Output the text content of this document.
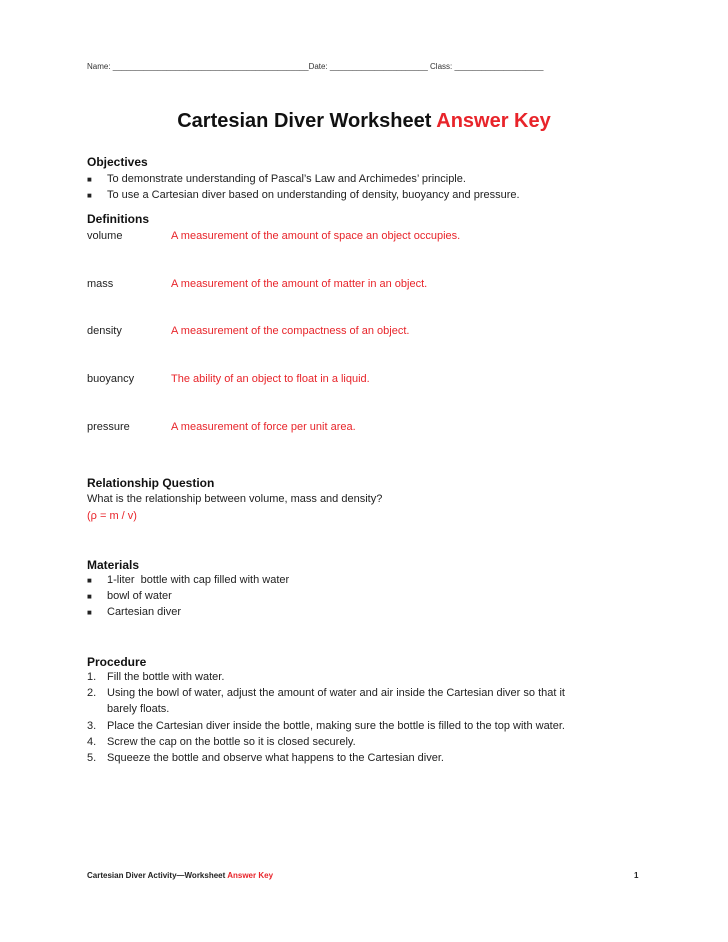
Name: ____________________________________________Date: ______________________ Class: ____________________
Cartesian Diver Worksheet Answer Key
Objectives
■ To demonstrate understanding of Pascal’s Law and Archimedes’ principle.
■ To use a Cartesian diver based on understanding of density, buoyancy and pressure.
Definitions
volume	A measurement of the amount of space an object occupies.
mass	A measurement of the amount of matter in an object.
density	A measurement of the compactness of an object.
buoyancy	The ability of an object to float in a liquid.
pressure	A measurement of force per unit area.
Relationship Question
What is the relationship between volume, mass and density?
(ρ = m / v)
Materials
■ 1-liter  bottle with cap filled with water
■ bowl of water
■ Cartesian diver
Procedure
1. Fill the bottle with water.
2. Using the bowl of water, adjust the amount of water and air inside the Cartesian diver so that it
barely floats.
3. Place the Cartesian diver inside the bottle, making sure the bottle is filled to the top with water.
4. Screw the cap on the bottle so it is closed securely.
5. Squeeze the bottle and observe what happens to the Cartesian diver.
Cartesian Diver Activity—Worksheet Answer Key	1
